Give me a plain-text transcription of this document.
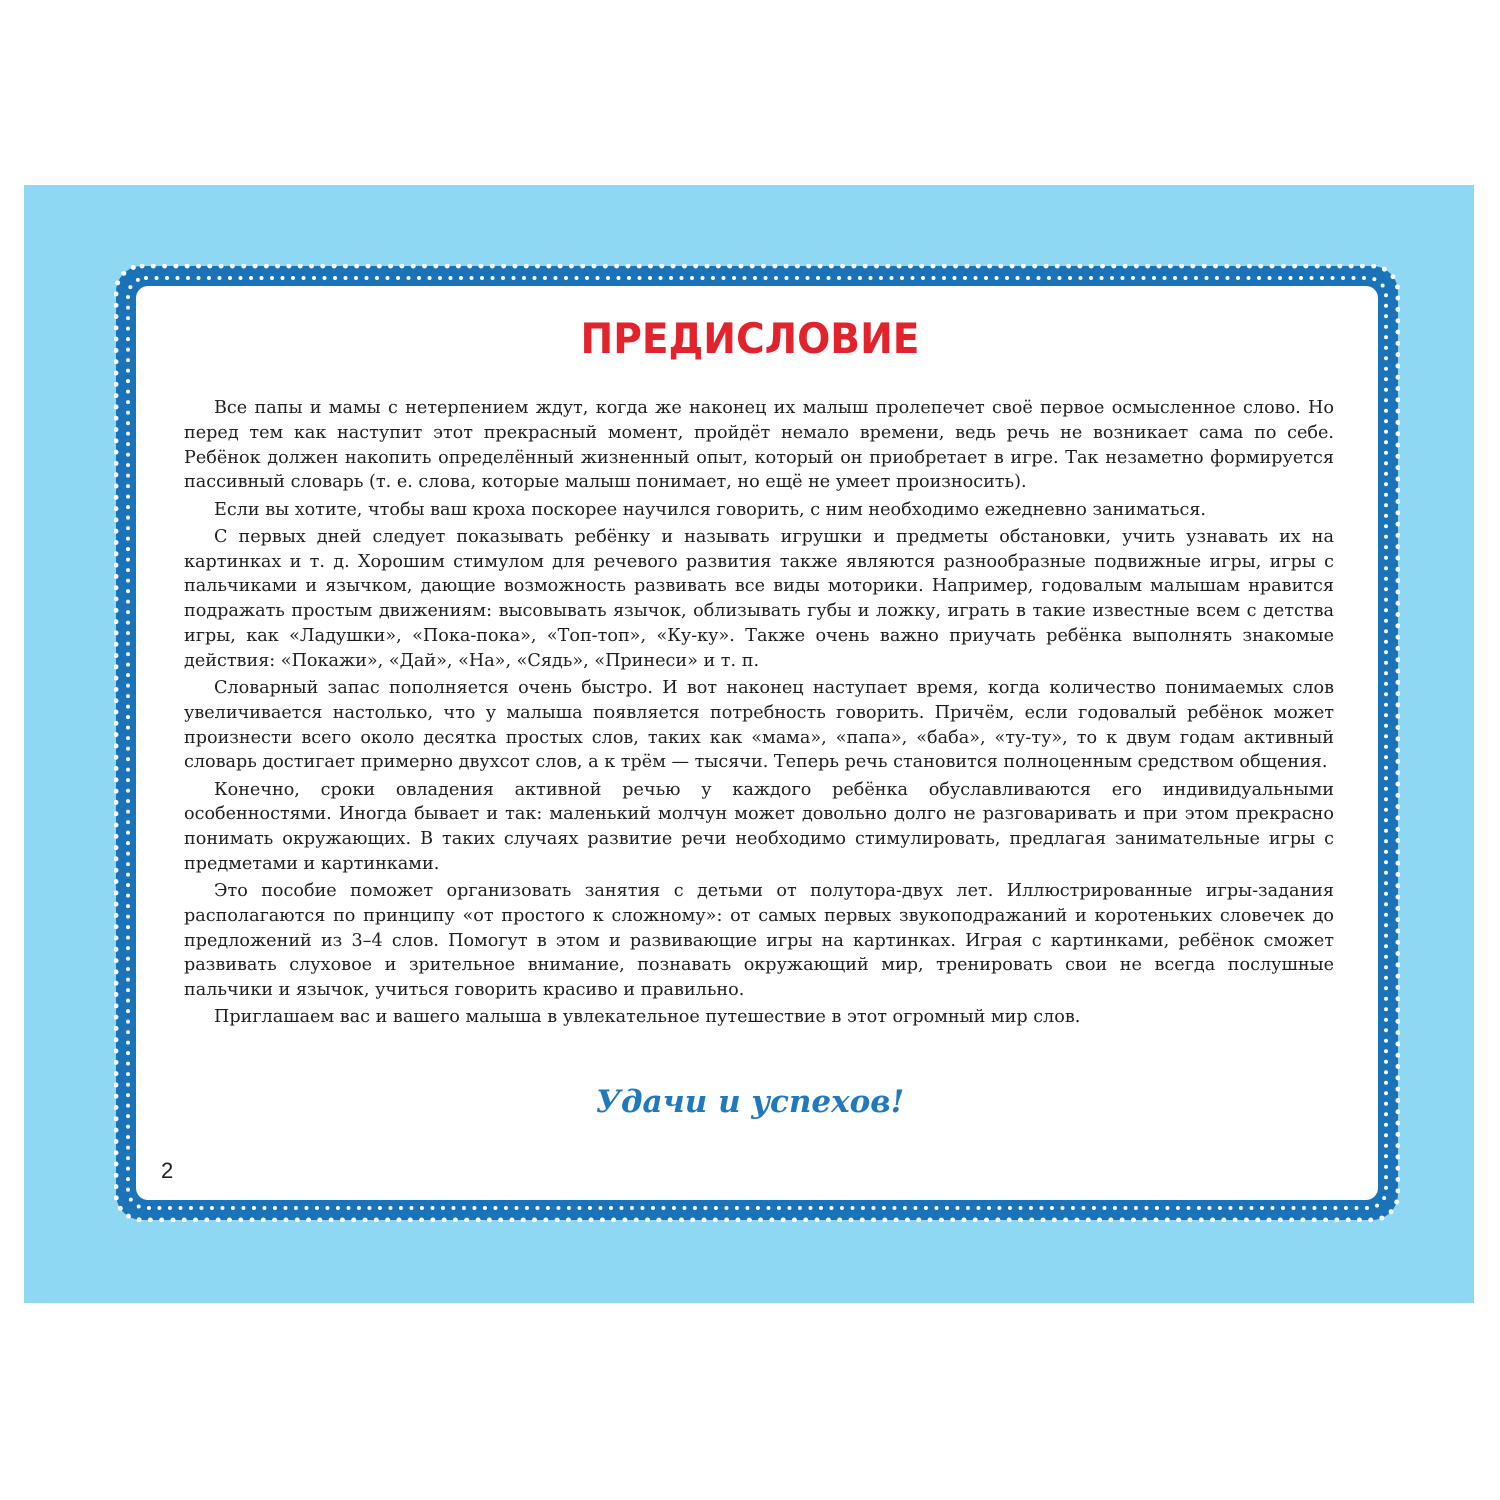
ПРЕДИСЛОВИЕ

Все папы и мамы с нетерпением ждут, когда же наконец их малыш пролепечет своё первое осмысленное слово. Но перед тем как наступит этот прекрасный момент, пройдёт немало времени, ведь речь не возникает сама по себе. Ребёнок должен накопить определённый жизненный опыт, который он приобретает в игре. Так незаметно формируется пассивный словарь (т. е. слова, которые малыш понимает, но ещё не умеет произносить).

Если вы хотите, чтобы ваш кроха поскорее научился говорить, с ним необходимо ежедневно заниматься.

С первых дней следует показывать ребёнку и называть игрушки и предметы обстановки, учить узнавать их на картинках и т. д. Хорошим стимулом для речевого развития также являются разнообразные подвижные игры, игры с пальчиками и язычком, дающие возможность развивать все виды моторики. Например, годовалым малышам нравится подражать простым движениям: высовывать язычок, облизывать губы и ложку, играть в такие известные всем с детства игры, как «Ладушки», «Пока-пока», «Топ-топ», «Ку-ку». Также очень важно приучать ребёнка выполнять знакомые действия: «Покажи», «Дай», «На», «Сядь», «Принеси» и т. п.

Словарный запас пополняется очень быстро. И вот наконец наступает время, когда количество понимаемых слов увеличивается настолько, что у малыша появляется потребность говорить. Причём, если годовалый ребёнок может произнести всего около десятка простых слов, таких как «мама», «папа», «баба», «ту-ту», то к двум годам активный словарь достигает примерно двухсот слов, а к трём — тысячи. Теперь речь становится полноценным средством общения.

Конечно, сроки овладения активной речью у каждого ребёнка обуславливаются его индивидуальными особенностями. Иногда бывает и так: маленький молчун может довольно долго не разговаривать и при этом прекрасно понимать окружающих. В таких случаях развитие речи необходимо стимулировать, предлагая занимательные игры с предметами и картинками.

Это пособие поможет организовать занятия с детьми от полутора-двух лет. Иллюстрированные игры-задания располагаются по принципу «от простого к сложному»: от самых первых звукоподражаний и коротеньких словечек до предложений из 3–4 слов. Помогут в этом и развивающие игры на картинках. Играя с картинками, ребёнок сможет развивать слуховое и зрительное внимание, познавать окружающий мир, тренировать свои не всегда послушные пальчики и язычок, учиться говорить красиво и правильно.

Приглашаем вас и вашего малыша в увлекательное путешествие в этот огромный мир слов.

Удачи и успехов!
2
